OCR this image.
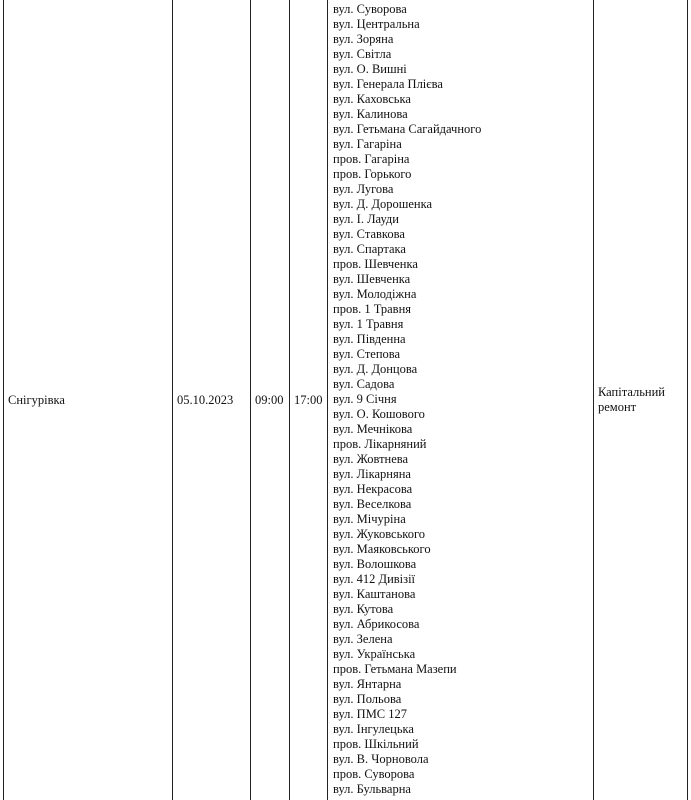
Снігурівка	05.10.2023	09:00 17:00
вул. Суворова
вул. Центральна
вул. Зоряна
вул. Світла
вул. О. Вишні
вул. Генерала Плієва
вул. Каховська
вул. Калинова
вул. Гетьмана Сагайдачного
вул. Гагаріна
пров. Гагаріна
пров. Горького
вул. Лугова
вул. Д. Дорошенка
вул. І. Лауди
вул. Ставкова
вул. Спартака
пров. Шевченка
вул. Шевченка
вул. Молодіжна
пров. 1 Травня
вул. 1 Травня
вул. Південна
вул. Степова
вул. Д. Донцова
вул. Садова
вул. 9 Січня
вул. О. Кошового
вул. Мечнікова
пров. Лікарняний
вул. Жовтнева
вул. Лікарняна
вул. Некрасова
вул. Веселкова
вул. Мічуріна
вул. Жуковського
вул. Маяковського
вул. Волошкова
вул. 412 Дивізії
вул. Каштанова
вул. Кутова
вул. Абрикосова
вул. Зелена
вул. Українська
пров. Гетьмана Мазепи
вул. Янтарна
вул. Польова
вул. ПМС 127
вул. Інгулецька
пров. Шкільний
вул. В. Чорновола
пров. Суворова
вул. Бульварна
Капітальний ремонт
